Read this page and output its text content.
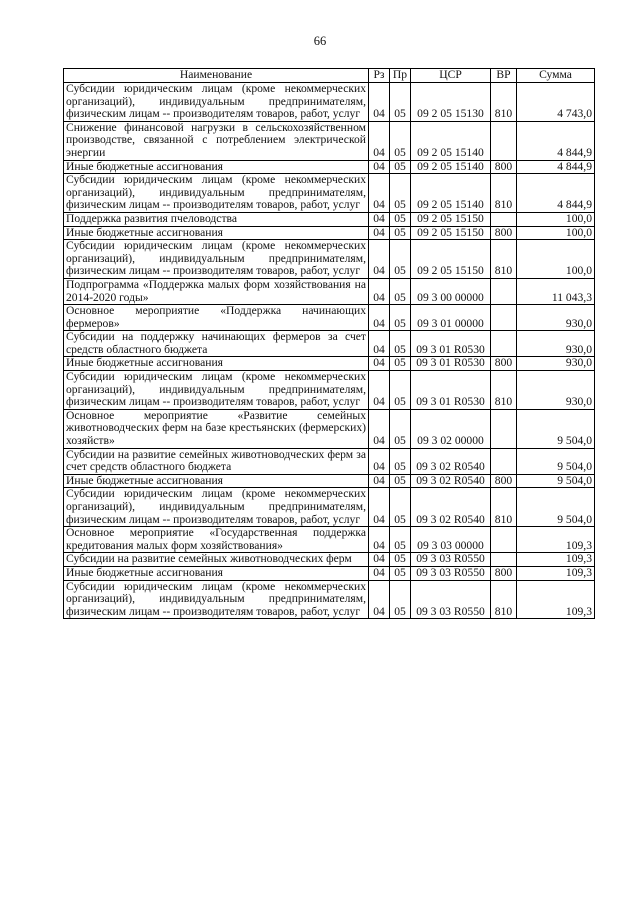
66
Наименование	Рз	Пр	ЦСР	ВР	Сумма
Субсидии юридическим лицам (кроме некоммерческих организаций), индивидуальным предпринимателям, физическим лицам -- производителям товаров, работ, услуг	04	05	09 2 05 15130	810	4 743,0
Снижение финансовой нагрузки в сельскохозяйственном производстве, связанной с потреблением электрической энергии	04	05	09 2 05 15140		4 844,9
Иные бюджетные ассигнования	04	05	09 2 05 15140	800	4 844,9
Субсидии юридическим лицам (кроме некоммерческих организаций), индивидуальным предпринимателям, физическим лицам -- производителям товаров, работ, услуг	04	05	09 2 05 15140	810	4 844,9
Поддержка развития пчеловодства	04	05	09 2 05 15150		100,0
Иные бюджетные ассигнования	04	05	09 2 05 15150	800	100,0
Субсидии юридическим лицам (кроме некоммерческих организаций), индивидуальным предпринимателям, физическим лицам -- производителям товаров, работ, услуг	04	05	09 2 05 15150	810	100,0
Подпрограмма «Поддержка малых форм хозяйствования на 2014-2020 годы»	04	05	09 3 00 00000		11 043,3
Основное мероприятие «Поддержка начинающих фермеров»	04	05	09 3 01 00000		930,0
Субсидии на поддержку начинающих фермеров за счет средств областного бюджета	04	05	09 3 01 R0530		930,0
Иные бюджетные ассигнования	04	05	09 3 01 R0530	800	930,0
Субсидии юридическим лицам (кроме некоммерческих организаций), индивидуальным предпринимателям, физическим лицам -- производителям товаров, работ, услуг	04	05	09 3 01 R0530	810	930,0
Основное мероприятие «Развитие семейных животноводческих ферм на базе крестьянских (фермерских) хозяйств»	04	05	09 3 02 00000		9 504,0
Субсидии на развитие семейных животноводческих ферм за счет средств областного бюджета	04	05	09 3 02 R0540		9 504,0
Иные бюджетные ассигнования	04	05	09 3 02 R0540	800	9 504,0
Субсидии юридическим лицам (кроме некоммерческих организаций), индивидуальным предпринимателям, физическим лицам -- производителям товаров, работ, услуг	04	05	09 3 02 R0540	810	9 504,0
Основное мероприятие «Государственная поддержка кредитования малых форм хозяйствования»	04	05	09 3 03 00000		109,3
Субсидии на развитие семейных животноводческих ферм	04	05	09 3 03 R0550		109,3
Иные бюджетные ассигнования	04	05	09 3 03 R0550	800	109,3
Субсидии юридическим лицам (кроме некоммерческих организаций), индивидуальным предпринимателям, физическим лицам -- производителям товаров, работ, услуг	04	05	09 3 03 R0550	810	109,3
